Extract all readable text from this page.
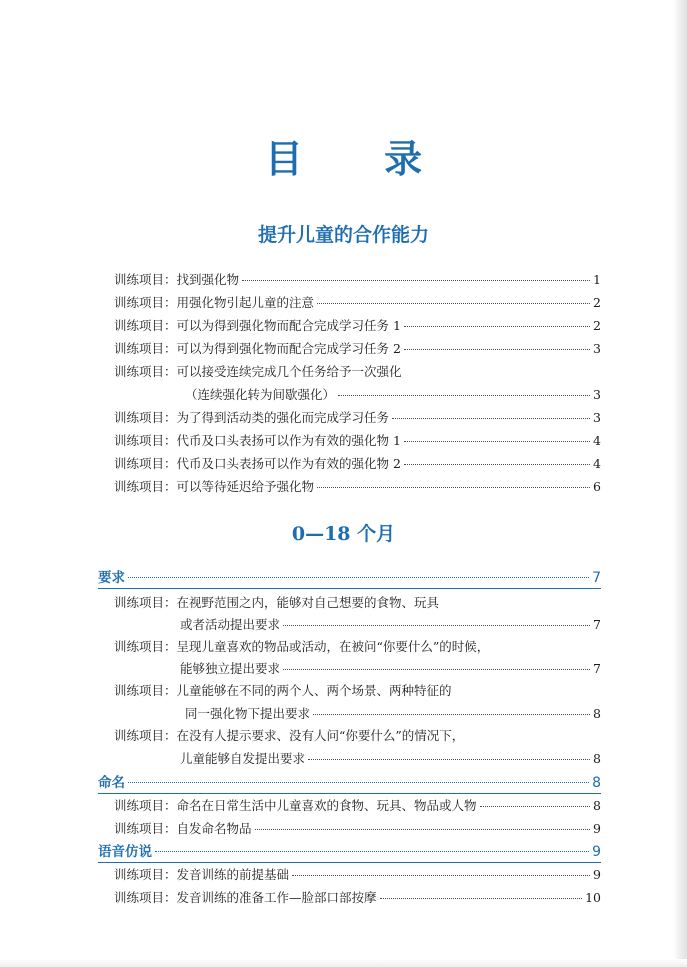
目 录
提升儿童的合作能力
训练项目：找到强化物	1
训练项目：用强化物引起儿童的注意	2
训练项目：可以为得到强化物而配合完成学习任务 1	2
训练项目：可以为得到强化物而配合完成学习任务 2	3
训练项目：可以接受连续完成几个任务给予一次强化
（连续强化转为间歇强化）	3
训练项目：为了得到活动类的强化而完成学习任务	3
训练项目：代币及口头表扬可以作为有效的强化物 1	4
训练项目：代币及口头表扬可以作为有效的强化物 2	4
训练项目：可以等待延迟给予强化物	6
0—18 个月
要求	7
训练项目：在视野范围之内，能够对自己想要的食物、玩具
或者活动提出要求	7
训练项目：呈现儿童喜欢的物品或活动，在被问“你要什么”的时候，
能够独立提出要求	7
训练项目：儿童能够在不同的两个人、两个场景、两种特征的
同一强化物下提出要求	8
训练项目：在没有人提示要求、没有人问“你要什么”的情况下，
儿童能够自发提出要求	8
命名	8
训练项目：命名在日常生活中儿童喜欢的食物、玩具、物品或人物	8
训练项目：自发命名物品	9
语音仿说	9
训练项目：发音训练的前提基础	9
训练项目：发音训练的准备工作—脸部口部按摩	10
